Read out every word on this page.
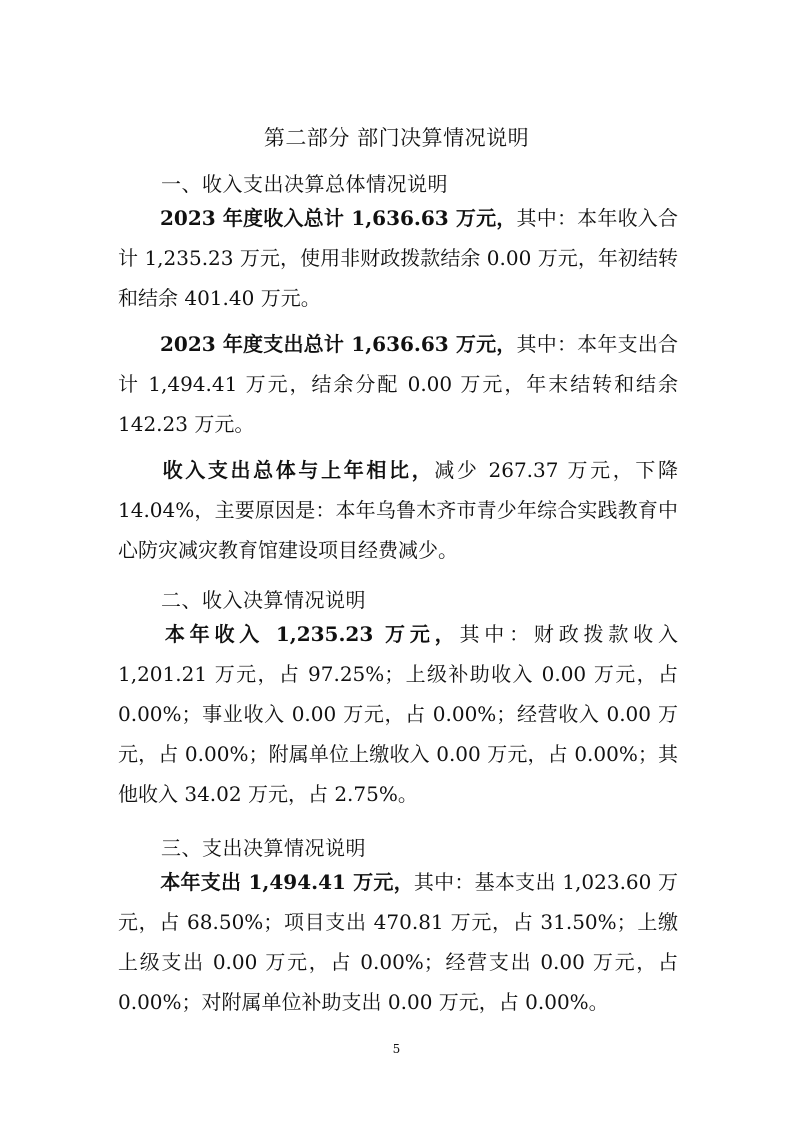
第二部分 部门决算情况说明
一、收入支出决算总体情况说明
2023 年度收入总计 1,636.63 万元，其中：本年收入合计 1,235.23 万元，使用非财政拨款结余 0.00 万元，年初结转和结余 401.40 万元。
2023 年度支出总计 1,636.63 万元，其中：本年支出合计 1,494.41 万元，结余分配 0.00 万元，年末结转和结余 142.23 万元。
收入支出总体与上年相比，减少 267.37 万元，下降 14.04%，主要原因是：本年乌鲁木齐市青少年综合实践教育中心防灾减灾教育馆建设项目经费减少。
二、收入决算情况说明
本年收入 1,235.23 万元，其中：财政拨款收入 1,201.21 万元，占 97.25%；上级补助收入 0.00 万元，占 0.00%；事业收入 0.00 万元，占 0.00%；经营收入 0.00 万元，占 0.00%；附属单位上缴收入 0.00 万元，占 0.00%；其他收入 34.02 万元，占 2.75%。
三、支出决算情况说明
本年支出 1,494.41 万元，其中：基本支出 1,023.60 万元，占 68.50%；项目支出 470.81 万元，占 31.50%；上缴上级支出 0.00 万元，占 0.00%；经营支出 0.00 万元，占 0.00%；对附属单位补助支出 0.00 万元，占 0.00%。
5
